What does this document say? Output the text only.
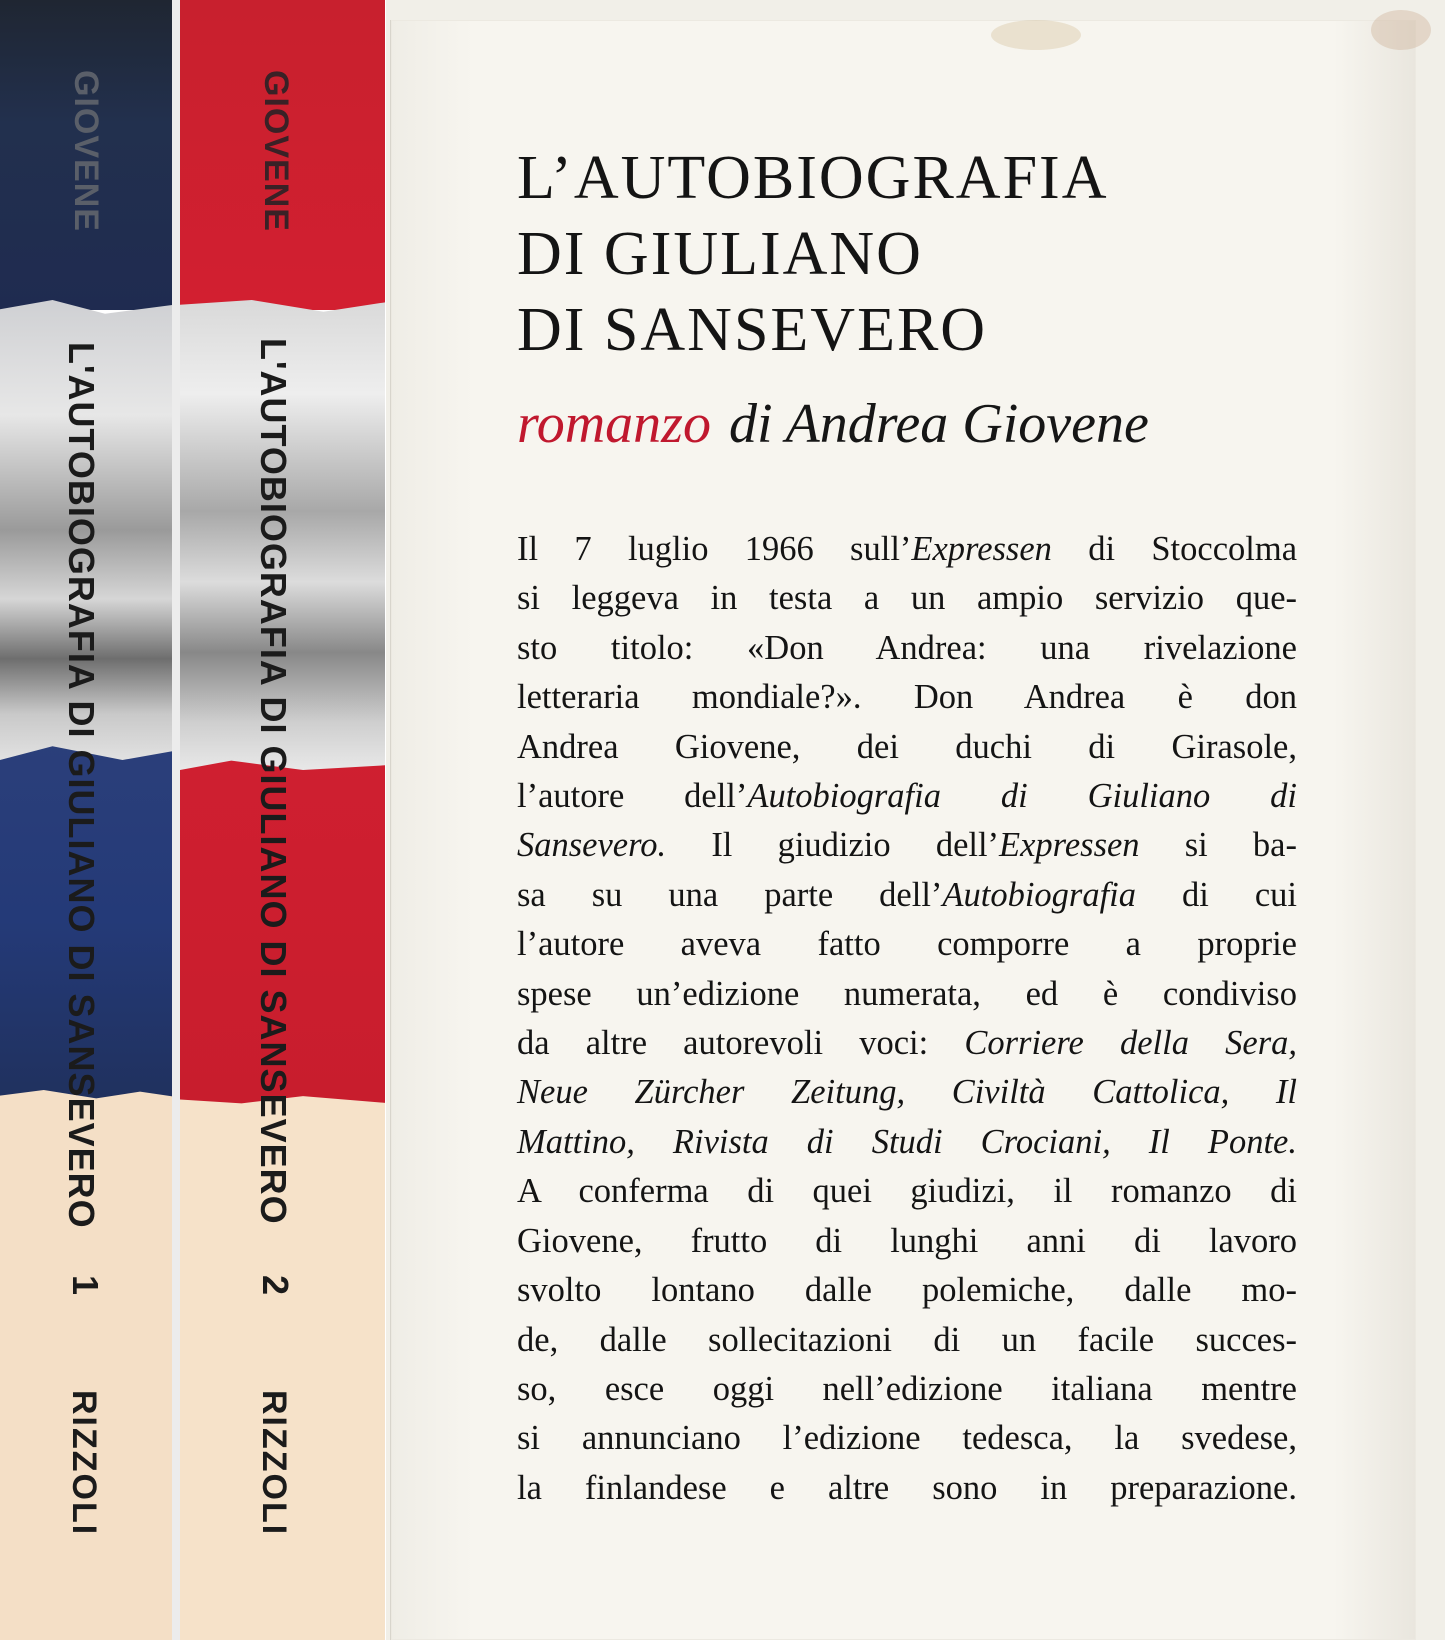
GIOVENE
L'AUTOBIOGRAFIA DI GIULIANO DI SANSEVERO
1
RIZZOLI
GIOVENE
L'AUTOBIOGRAFIA DI GIULIANO DI SANSEVERO
2
RIZZOLI
L’AUTOBIOGRAFIA
DI GIULIANO
DI SANSEVERO
romanzo di Andrea Giovene
Il 7 luglio 1966 sull’Expressen di Stoccolma
si leggeva in testa a un ampio servizio que-
sto titolo: «Don Andrea: una rivelazione
letteraria mondiale?». Don Andrea è don
Andrea Giovene, dei duchi di Girasole,
l’autore dell’Autobiografia di Giuliano di
Sansevero. Il giudizio dell’Expressen si ba-
sa su una parte dell’Autobiografia di cui
l’autore aveva fatto comporre a proprie
spese un’edizione numerata, ed è condiviso
da altre autorevoli voci: Corriere della Sera,
Neue Zürcher Zeitung, Civiltà Cattolica, Il
Mattino, Rivista di Studi Crociani, Il Ponte.
A conferma di quei giudizi, il romanzo di
Giovene, frutto di lunghi anni di lavoro
svolto lontano dalle polemiche, dalle mo-
de, dalle sollecitazioni di un facile succes-
so, esce oggi nell’edizione italiana mentre
si annunciano l’edizione tedesca, la svedese,
la finlandese e altre sono in preparazione.
